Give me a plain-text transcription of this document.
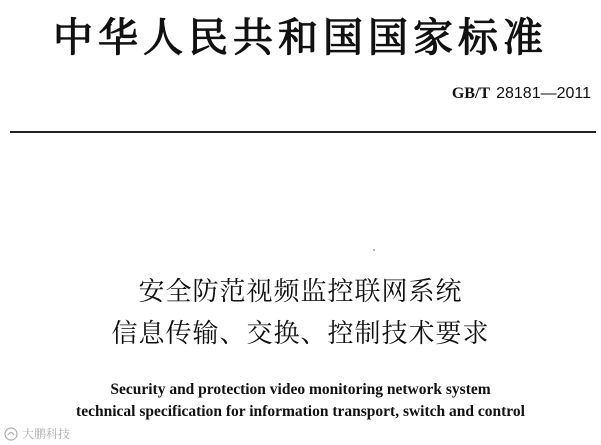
中华人民共和国国家标准
GB/T 28181—2011
安全防范视频监控联网系统
信息传输、交换、控制技术要求
Security and protection video monitoring network system
technical specification for information transport, switch and control
大鹏科技
